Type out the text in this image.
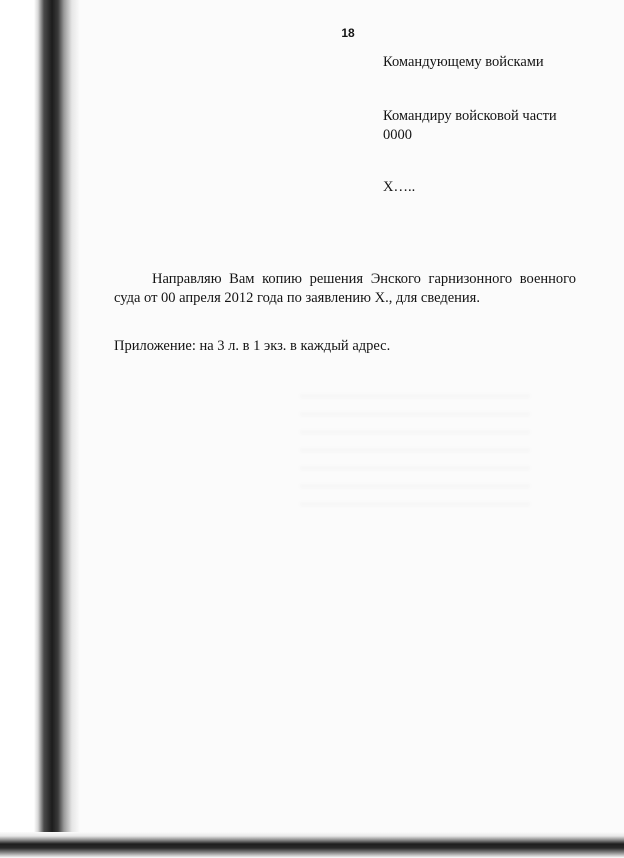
18
Командующему войсками
Командиру войсковой части
0000
Х…..
Направляю Вам копию решения Энского гарнизонного военного
суда от 00 апреля 2012 года по заявлению Х., для сведения.
Приложение: на 3 л. в 1 экз. в каждый адрес.
